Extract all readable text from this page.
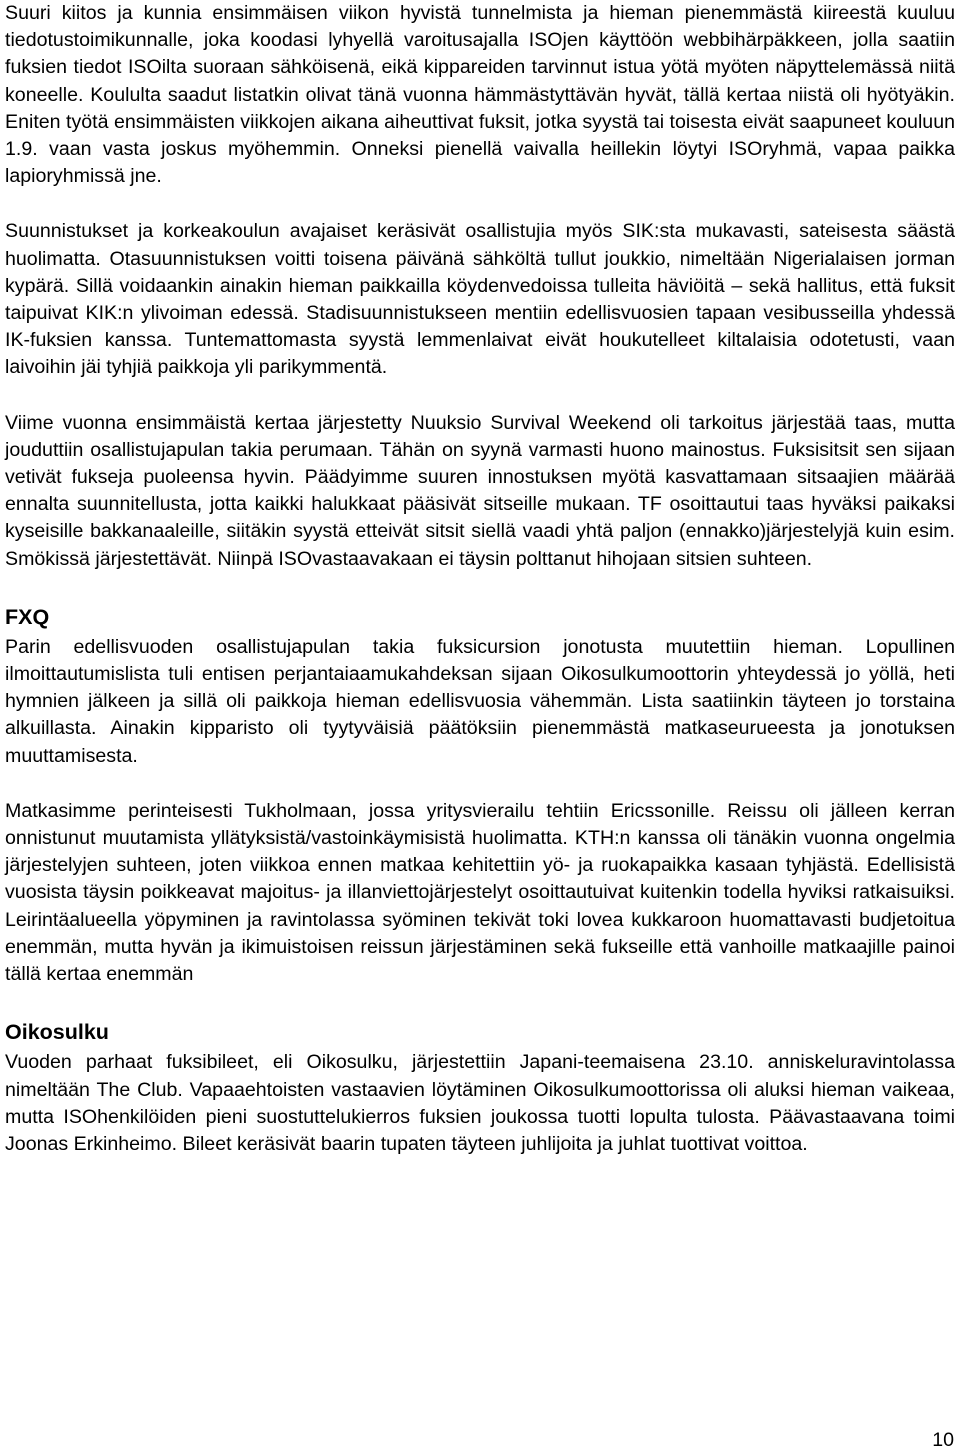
Suuri kiitos ja kunnia ensimmäisen viikon hyvistä tunnelmista ja hieman pienemmästä kiireestä kuuluu tiedotustoimikunnalle, joka koodasi lyhyellä varoitusajalla ISOjen käyttöön webbihärpäkkeen, jolla saatiin fuksien tiedot ISOilta suoraan sähköisenä, eikä kippareiden tarvinnut istua yötä myöten näpyttelemässä niitä koneelle. Koululta saadut listatkin olivat tänä vuonna hämmästyttävän hyvät, tällä kertaa niistä oli hyötyäkin. Eniten työtä ensimmäisten viikkojen aikana aiheuttivat fuksit, jotka syystä tai toisesta eivät saapuneet kouluun 1.9. vaan vasta joskus myöhemmin. Onneksi pienellä vaivalla heillekin löytyi ISOryhmä, vapaa paikka lapioryhmissä jne.

Suunnistukset ja korkeakoulun avajaiset keräsivät osallistujia myös SIK:sta mukavasti, sateisesta säästä huolimatta. Otasuunnistuksen voitti toisena päivänä sähköltä tullut joukkio, nimeltään Nigerialaisen jorman kypärä. Sillä voidaankin ainakin hieman paikkailla köydenvedoissa tulleita häviöitä – sekä hallitus, että fuksit taipuivat KIK:n ylivoiman edessä. Stadisuunnistukseen mentiin edellisvuosien tapaan vesibusseilla yhdessä IK-fuksien kanssa. Tuntemattomasta syystä lemmenlaivat eivät houkutelleet kiltalaisia odotetusti, vaan laivoihin jäi tyhjiä paikkoja yli parikymmentä.

Viime vuonna ensimmäistä kertaa järjestetty Nuuksio Survival Weekend oli tarkoitus järjestää taas, mutta jouduttiin osallistujapulan takia perumaan. Tähän on syynä varmasti huono mainostus. Fuksisitsit sen sijaan vetivät fukseja puoleensa hyvin. Päädyimme suuren innostuksen myötä kasvattamaan sitsaajien määrää ennalta suunnitellusta, jotta kaikki halukkaat pääsivät sitseille mukaan. TF osoittautui taas hyväksi paikaksi kyseisille bakkanaaleille, siitäkin syystä etteivät sitsit siellä vaadi yhtä paljon (ennakko)järjestelyjä kuin esim. Smökissä järjestettävät. Niinpä ISOvastaavakaan ei täysin polttanut hihojaan sitsien suhteen.

FXQ

Parin edellisvuoden osallistujapulan takia fuksicursion jonotusta muutettiin hieman. Lopullinen ilmoittautumislista tuli entisen perjantaiaamukahdeksan sijaan Oikosulkumoottorin yhteydessä jo yöllä, heti hymnien jälkeen ja sillä oli paikkoja hieman edellisvuosia vähemmän. Lista saatiinkin täyteen jo torstaina alkuillasta. Ainakin kipparisto oli tyytyväisiä päätöksiin pienemmästä matkaseurueesta ja jonotuksen muuttamisesta.

Matkasimme perinteisesti Tukholmaan, jossa yritysvierailu tehtiin Ericssonille. Reissu oli jälleen kerran onnistunut muutamista yllätyksistä/vastoinkäymisistä huolimatta. KTH:n kanssa oli tänäkin vuonna ongelmia järjestelyjen suhteen, joten viikkoa ennen matkaa kehitettiin yö- ja ruokapaikka kasaan tyhjästä. Edellisistä vuosista täysin poikkeavat majoitus- ja illanviettojärjestelyt osoittautuivat kuitenkin todella hyviksi ratkaisuiksi. Leirintäalueella yöpyminen ja ravintolassa syöminen tekivät toki lovea kukkaroon huomattavasti budjetoitua enemmän, mutta hyvän ja ikimuistoisen reissun järjestäminen sekä fukseille että vanhoille matkaajille painoi tällä kertaa enemmän

Oikosulku

Vuoden parhaat fuksibileet, eli Oikosulku, järjestettiin Japani-teemaisena 23.10. anniskeluravintolassa nimeltään The Club. Vapaaehtoisten vastaavien löytäminen Oikosulkumoottorissa oli aluksi hieman vaikeaa, mutta ISOhenkilöiden pieni suostuttelukierros fuksien joukossa tuotti lopulta tulosta. Päävastaavana toimi Joonas Erkinheimo. Bileet keräsivät baarin tupaten täyteen juhlijoita ja juhlat tuottivat voittoa.

10
